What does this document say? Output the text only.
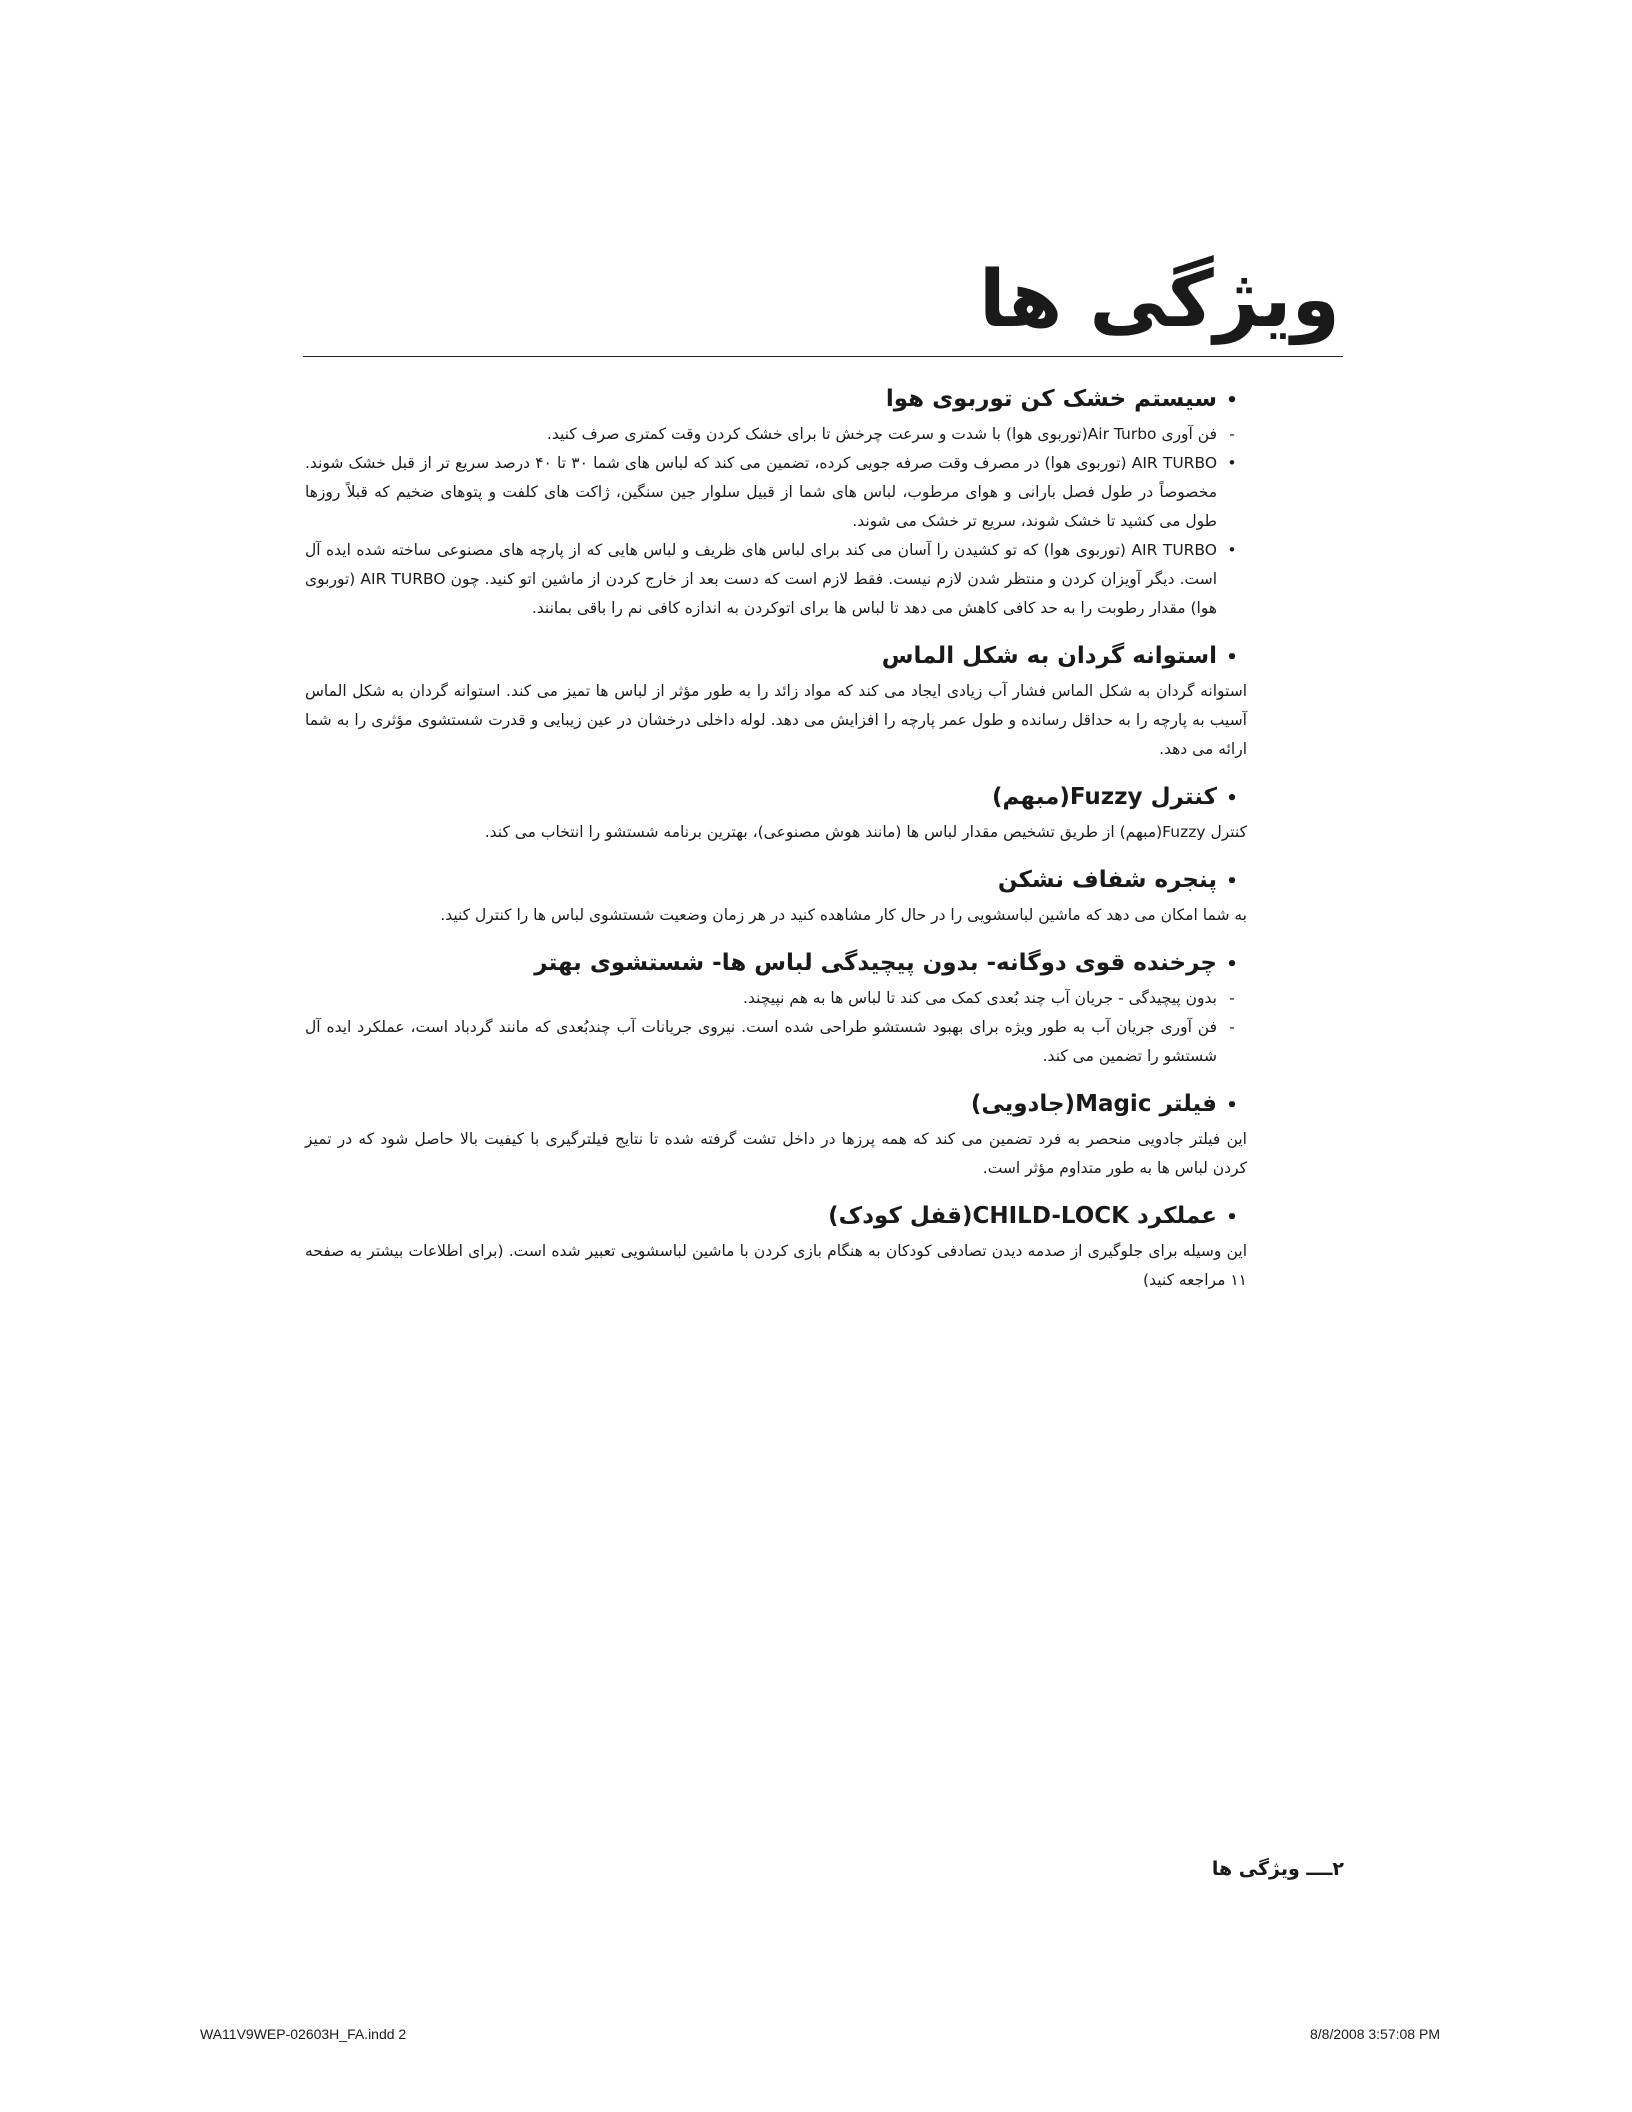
ویژگی ها
•
سیستم خشک کن توربوی هوا
-
فن آوری Air Turbo(توربوی هوا) با شدت و سرعت چرخش تا برای خشک کردن وقت کمتری صرف کنید.
•
AIR TURBO (توربوی هوا) در مصرف وقت صرفه جویی کرده، تضمین می کند که لباس های شما ۳۰ تا ۴۰ درصد سریع تر از قبل خشک شوند. مخصوصاً در طول فصل بارانی و هوای مرطوب، لباس های شما از قبیل سلوار جین سنگین، ژاکت های کلفت و پتوهای ضخیم که قبلاً روزها طول می کشید تا خشک شوند، سریع تر خشک می شوند.
•
AIR TURBO (توربوی هوا) که تو کشیدن را آسان می کند برای لباس های ظریف و لباس هایی که از پارچه های مصنوعی ساخته شده ایده آل است. دیگر آویزان کردن و منتظر شدن لازم نیست. فقط لازم است که دست بعد از خارج کردن از ماشین اتو کنید. چون AIR TURBO (توربوی هوا) مقدار رطوبت را به حد کافی کاهش می دهد تا لباس ها برای اتوکردن به اندازه کافی نم را باقی بمانند.
•
استوانه گردان به شکل الماس
استوانه گردان به شکل الماس فشار آب زیادی ایجاد می کند که مواد زائد را به طور مؤثر از لباس ها تمیز می کند. استوانه گردان به شکل الماس آسیب به پارچه را به حداقل رسانده و طول عمر پارچه را افزایش می دهد. لوله داخلی درخشان در عین زیبایی و قدرت شستشوی مؤثری را به شما ارائه می دهد.
•
کنترل Fuzzy(مبهم)
کنترل Fuzzy(مبهم) از طریق تشخیص مقدار لباس ها (مانند هوش مصنوعی)، بهترین برنامه شستشو را انتخاب می کند.
•
پنجره شفاف نشکن
به شما امکان می دهد که ماشین لباسشویی را در حال کار مشاهده کنید در هر زمان وضعیت شستشوی لباس ها را کنترل کنید.
•
چرخنده قوی دوگانه- بدون پیچیدگی لباس ها- شستشوی بهتر
-
بدون پیچیدگی - جریان آب چند بُعدی کمک می کند تا لباس ها به هم نپیچند.
-
فن آوری جریان آب به طور ویژه برای بهبود شستشو طراحی شده است. نیروی جریانات آب چندبُعدی که مانند گردباد است، عملکرد ایده آل شستشو را تضمین می کند.
•
فیلتر Magic(جادویی)
این فیلتر جادویی منحصر به فرد تضمین می کند که همه پرزها در داخل تشت گرفته شده تا نتایج فیلترگیری با کیفیت بالا حاصل شود که در تمیز کردن لباس ها به طور متداوم مؤثر است.
•
عملکرد CHILD-LOCK(قفل کودک)
این وسیله برای جلوگیری از صدمه دیدن تصادفی کودکان به هنگام بازی کردن با ماشین لباسشویی تعبیر شده است. (برای اطلاعات بیشتر به صفحه ۱۱ مراجعه کنید)
۲ــــ ویژگی ها
WA11V9WEP-02603H_FA.indd 2	8/8/2008 3:57:08 PM
